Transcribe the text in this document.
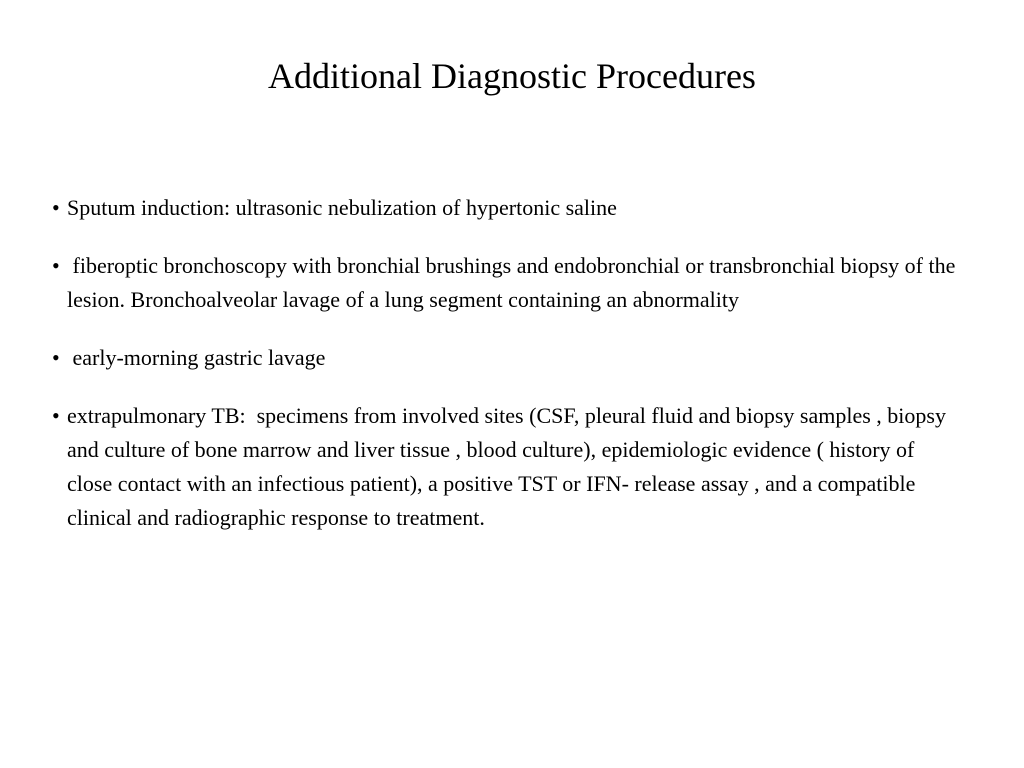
Additional Diagnostic Procedures
• Sputum induction: ultrasonic nebulization of hypertonic saline
• fiberoptic bronchoscopy with bronchial brushings and endobronchial or transbronchial biopsy of the lesion. Bronchoalveolar lavage of a lung segment containing an abnormality
• early-morning gastric lavage
• extrapulmonary TB:  specimens from involved sites (CSF, pleural fluid and biopsy samples , biopsy and culture of bone marrow and liver tissue , blood culture), epidemiologic evidence ( history of close contact with an infectious patient), a positive TST or IFN- release assay , and a compatible clinical and radiographic response to treatment.
